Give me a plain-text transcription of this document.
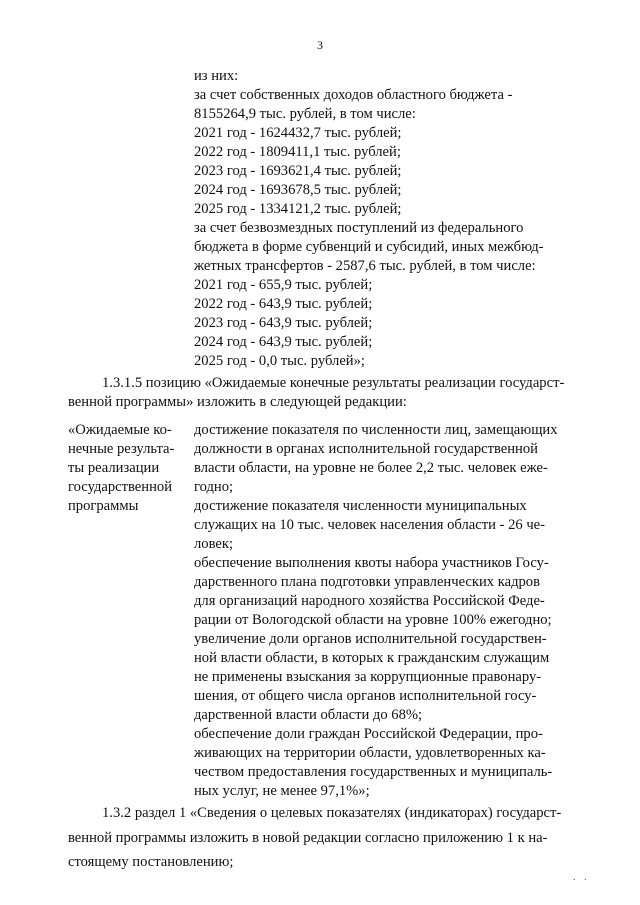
3
из них:
за счет собственных доходов областного бюджета -
8155264,9 тыс. рублей, в том числе:
2021 год - 1624432,7 тыс. рублей;
2022 год - 1809411,1 тыс. рублей;
2023 год - 1693621,4 тыс. рублей;
2024 год - 1693678,5 тыс. рублей;
2025 год - 1334121,2 тыс. рублей;
за счет безвозмездных поступлений из федерального
бюджета в форме субвенций и субсидий, иных межбюд-
жетных трансфертов - 2587,6 тыс. рублей, в том числе:
2021 год - 655,9 тыс. рублей;
2022 год - 643,9 тыс. рублей;
2023 год - 643,9 тыс. рублей;
2024 год - 643,9 тыс. рублей;
2025 год - 0,0 тыс. рублей»;
1.3.1.5 позицию «Ожидаемые конечные результаты реализации государст-
венной программы» изложить в следующей редакции:
«Ожидаемые ко-
нечные результа-
ты реализации
государственной
программы
достижение показателя по численности лиц, замещающих
должности в органах исполнительной государственной
власти области, на уровне не более 2,2 тыс. человек еже-
годно;
достижение показателя численности муниципальных
служащих на 10 тыс. человек населения области - 26 че-
ловек;
обеспечение выполнения квоты набора участников Госу-
дарственного плана подготовки управленческих кадров
для организаций народного хозяйства Российской Феде-
рации от Вологодской области на уровне 100% ежегодно;
увеличение доли органов исполнительной государствен-
ной власти области, в которых к гражданским служащим
не применены взыскания за коррупционные правонару-
шения, от общего числа органов исполнительной госу-
дарственной власти области до 68%;
обеспечение доли граждан Российской Федерации, про-
живающих на территории области, удовлетворенных ка-
чеством предоставления государственных и муниципаль-
ных услуг, не менее 97,1%»;
1.3.2 раздел 1 «Сведения о целевых показателях (индикаторах) государст-
венной программы изложить в новой редакции согласно приложению 1 к на-
стоящему постановлению;
. .
